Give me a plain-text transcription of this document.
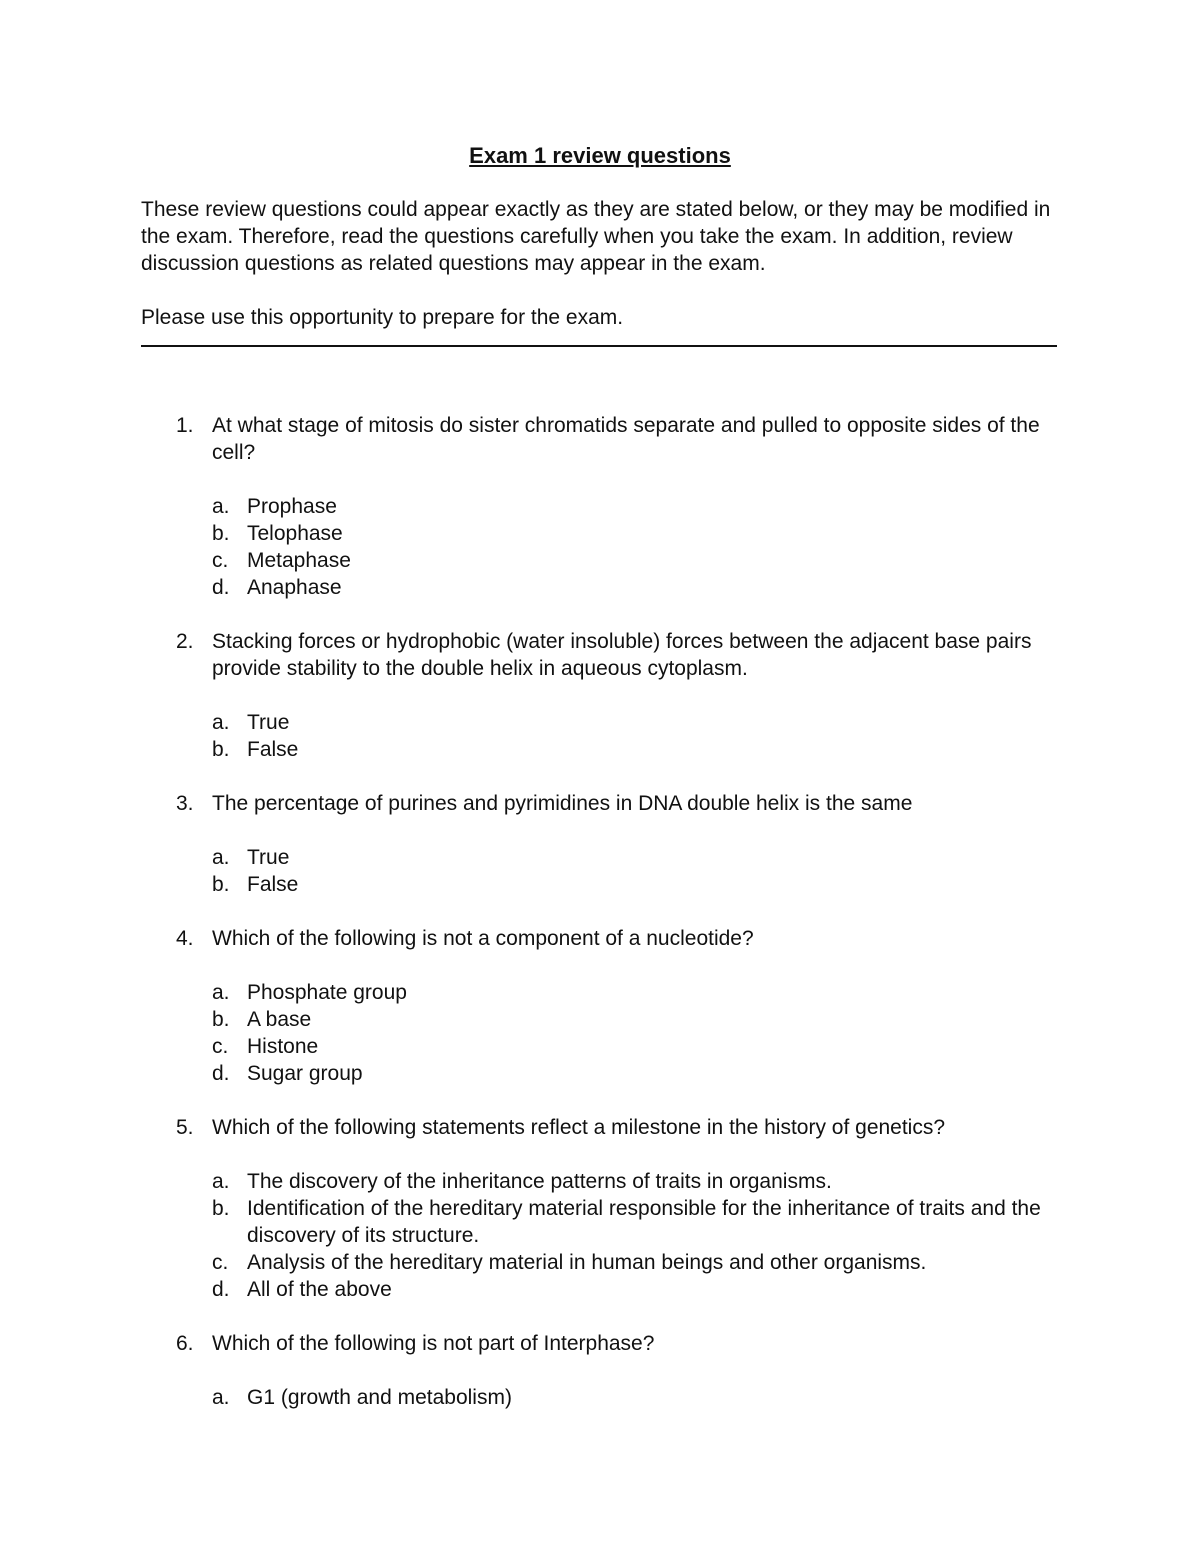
Exam 1 review questions

These review questions could appear exactly as they are stated below, or they may be modified in the exam. Therefore, read the questions carefully when you take the exam. In addition, review discussion questions as related questions may appear in the exam.

Please use this opportunity to prepare for the exam.

1. At what stage of mitosis do sister chromatids separate and pulled to opposite sides of the cell?
a. Prophase
b. Telophase
c. Metaphase
d. Anaphase
2. Stacking forces or hydrophobic (water insoluble) forces between the adjacent base pairs provide stability to the double helix in aqueous cytoplasm.
a. True
b. False
3. The percentage of purines and pyrimidines in DNA double helix is the same
a. True
b. False
4. Which of the following is not a component of a nucleotide?
a. Phosphate group
b. A base
c. Histone
d. Sugar group
5. Which of the following statements reflect a milestone in the history of genetics?
a. The discovery of the inheritance patterns of traits in organisms.
b. Identification of the hereditary material responsible for the inheritance of traits and the discovery of its structure.
c. Analysis of the hereditary material in human beings and other organisms.
d. All of the above
6. Which of the following is not part of Interphase?
a. G1 (growth and metabolism)
